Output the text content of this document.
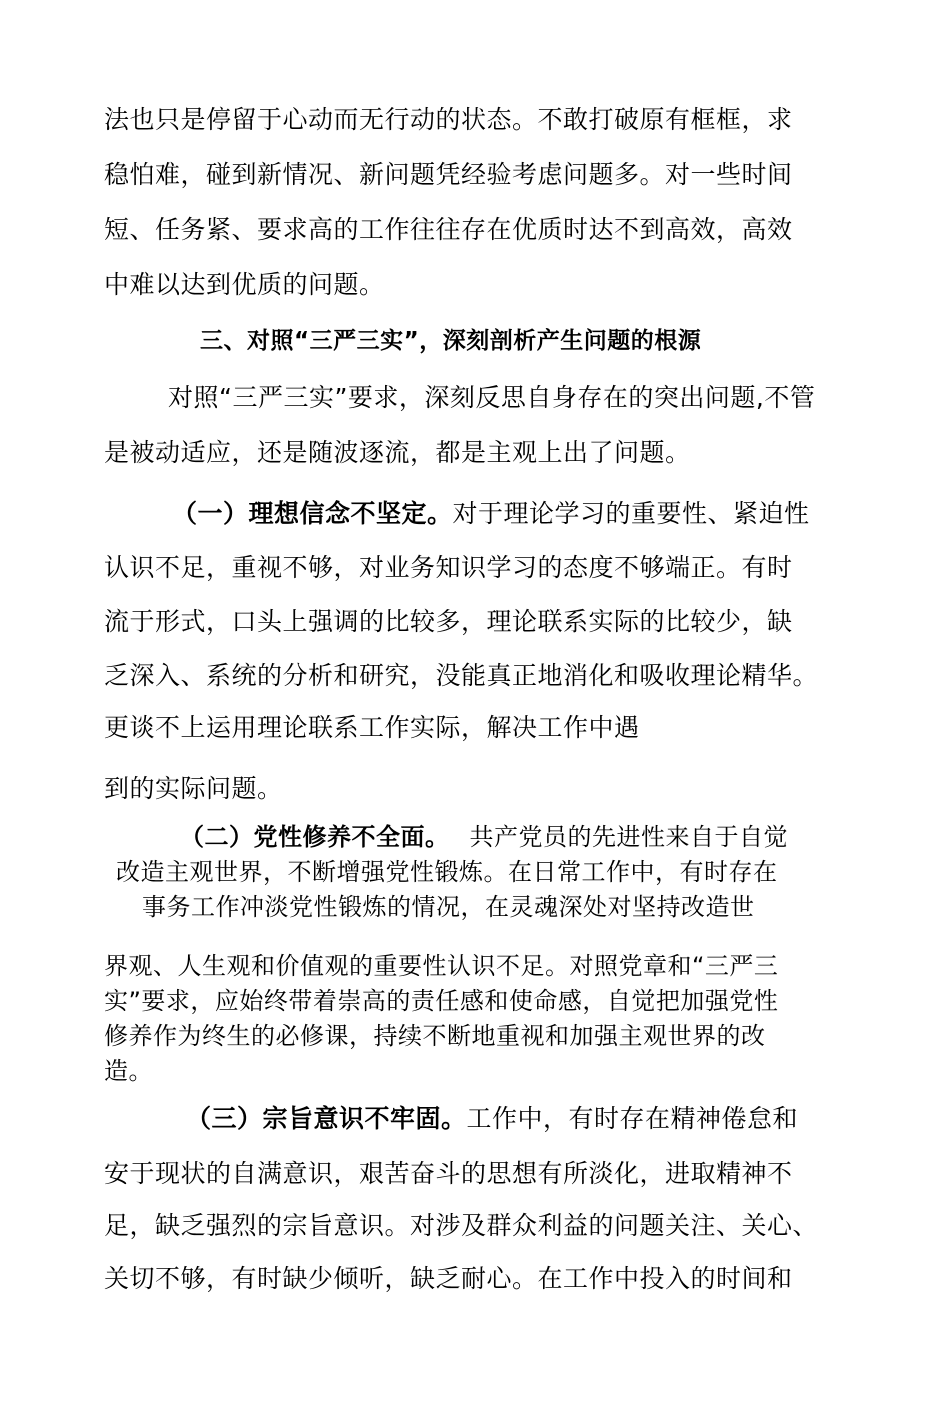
法也只是停留于心动而无行动的状态。不敢打破原有框框，求
稳怕难，碰到新情况、新问题凭经验考虑问题多。对一些时间
短、任务紧、要求高的工作往往存在优质时达不到高效，高效
中难以达到优质的问题。
三、对照“三严三实”，深刻剖析产生问题的根源
对照“三严三实”要求，深刻反思自身存在的突出问题,不管
是被动适应，还是随波逐流，都是主观上出了问题。
（一）理想信念不坚定。对于理论学习的重要性、紧迫性
认识不足，重视不够，对业务知识学习的态度不够端正。有时
流于形式，口头上强调的比较多，理论联系实际的比较少，缺
乏深入、系统的分析和研究，没能真正地消化和吸收理论精华。
更谈不上运用理论联系工作实际，解决工作中遇
到的实际问题。
（二）党性修养不全面。 共产党员的先进性来自于自觉
改造主观世界，不断增强党性锻炼。在日常工作中，有时存在
事务工作冲淡党性锻炼的情况，在灵魂深处对坚持改造世
界观、人生观和价值观的重要性认识不足。对照党章和“三严三
实”要求，应始终带着崇高的责任感和使命感，自觉把加强党性
修养作为终生的必修课，持续不断地重视和加强主观世界的改
造。
（三）宗旨意识不牢固。工作中，有时存在精神倦怠和
安于现状的自满意识，艰苦奋斗的思想有所淡化，进取精神不
足，缺乏强烈的宗旨意识。对涉及群众利益的问题关注、关心、
关切不够，有时缺少倾听，缺乏耐心。在工作中投入的时间和
